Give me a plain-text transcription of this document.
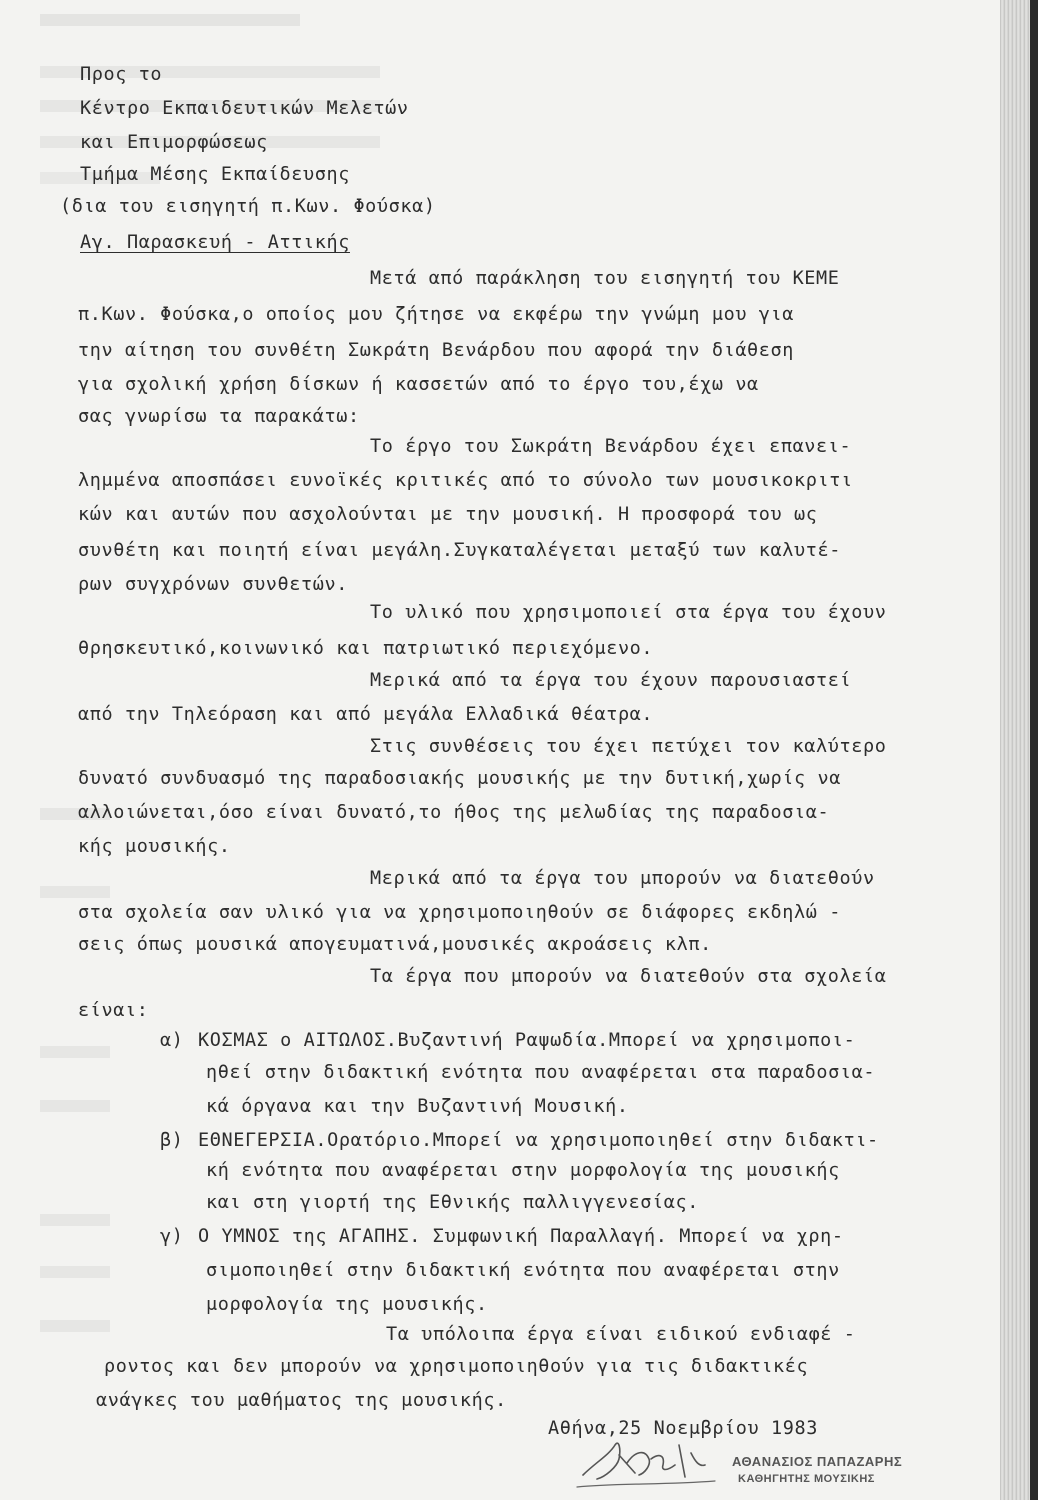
Προς το
Κέντρο Εκπαιδευτικών Μελετών
και Επιμορφώσεως
Τμήμα Μέσης Εκπαίδευσης
(δια του εισηγητή π.Κων. Φούσκα)
Αγ. Παρασκευή - Αττικής
Μετά από παράκληση του εισηγητή του ΚΕΜΕ
π.Κων. Φούσκα,ο οποίος μου ζήτησε να εκφέρω την γνώμη μου για
την αίτηση του συνθέτη Σωκράτη Βενάρδου που αφορά την διάθεση
για σχολική χρήση δίσκων ή κασσετών από το έργο του,έχω να
σας γνωρίσω τα παρακάτω:
Το έργο του Σωκράτη Βενάρδου έχει επανει-
λημμένα αποσπάσει ευνοϊκές κριτικές από το σύνολο των μουσικοκριτι
κών και αυτών που ασχολούνται με την μουσική. Η προσφορά του ως
συνθέτη και ποιητή είναι μεγάλη.Συγκαταλέγεται μεταξύ των καλυτέ-
ρων συγχρόνων συνθετών.
Το υλικό που χρησιμοποιεί στα έργα του έχουν
θρησκευτικό,κοινωνικό και πατριωτικό περιεχόμενο.
Μερικά από τα έργα του έχουν παρουσιαστεί
από την Τηλεόραση και από μεγάλα Ελλαδικά θέατρα.
Στις συνθέσεις του έχει πετύχει τον καλύτερο
δυνατό συνδυασμό της παραδοσιακής μουσικής με την δυτική,χωρίς να
αλλοιώνεται,όσο είναι δυνατό,το ήθος της μελωδίας της παραδοσια-
κής μουσικής.
Μερικά από τα έργα του μπορούν να διατεθούν
στα σχολεία σαν υλικό για να χρησιμοποιηθούν σε διάφορες εκδηλώ -
σεις όπως μουσικά απογευματινά,μουσικές ακροάσεις κλπ.
Τα έργα που μπορούν να διατεθούν στα σχολεία
είναι:
α) ΚΟΣΜΑΣ ο ΑΙΤΩΛΟΣ.Βυζαντινή Ραψωδία.Μπορεί να χρησιμοποι-
ηθεί στην διδακτική ενότητα που αναφέρεται στα παραδοσια-
κά όργανα και την Βυζαντινή Μουσική.
β) ΕΘΝΕΓΕΡΣΙΑ.Ορατόριο.Μπορεί να χρησιμοποιηθεί στην διδακτι-
κή ενότητα που αναφέρεται στην μορφολογία της μουσικής
και στη γιορτή της Εθνικής παλλιγγενεσίας.
γ) Ο ΥΜΝΟΣ της ΑΓΑΠΗΣ. Συμφωνική Παραλλαγή. Μπορεί να χρη-
σιμοποιηθεί στην διδακτική ενότητα που αναφέρεται στην
μορφολογία της μουσικής.
Τα υπόλοιπα έργα είναι ειδικού ενδιαφέ -
ροντος και δεν μπορούν να χρησιμοποιηθούν για τις διδακτικές
ανάγκες του μαθήματος της μουσικής.
Αθήνα,25 Νοεμβρίου 1983
ΑΘΑΝΑΣΙΟΣ ΠΑΠΑΖΑΡΗΣ
ΚΑΘΗΓΗΤΗΣ ΜΟΥΣΙΚΗΣ
